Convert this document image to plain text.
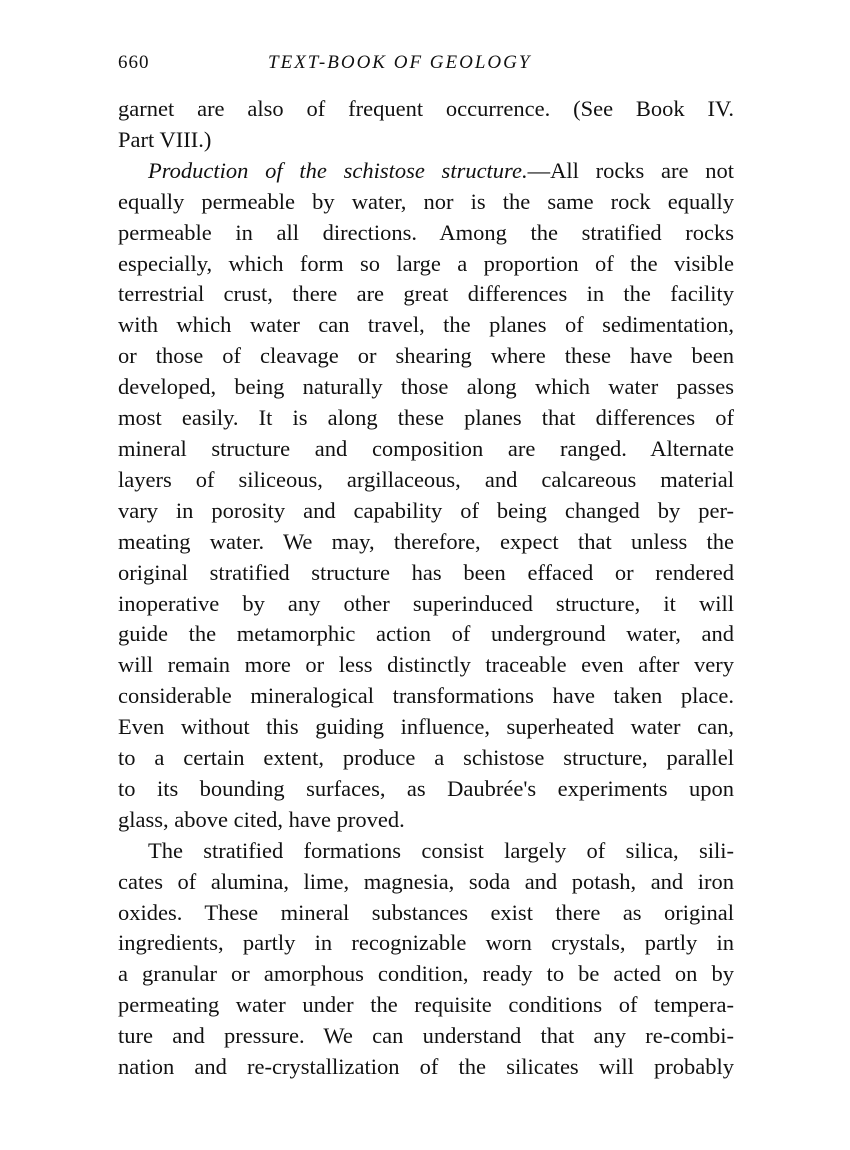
660	TEXT-BOOK OF GEOLOGY

garnet are also of frequent occurrence. (See Book IV.
Part VIII.)

Production of the schistose structure.—All rocks are not
equally permeable by water, nor is the same rock equally
permeable in all directions. Among the stratified rocks
especially, which form so large a proportion of the visible
terrestrial crust, there are great differences in the facility
with which water can travel, the planes of sedimentation,
or those of cleavage or shearing where these have been
developed, being naturally those along which water passes
most easily. It is along these planes that differences of
mineral structure and composition are ranged. Alternate
layers of siliceous, argillaceous, and calcareous material
vary in porosity and capability of being changed by per-
meating water. We may, therefore, expect that unless the
original stratified structure has been effaced or rendered
inoperative by any other superinduced structure, it will
guide the metamorphic action of underground water, and
will remain more or less distinctly traceable even after very
considerable mineralogical transformations have taken place.
Even without this guiding influence, superheated water can,
to a certain extent, produce a schistose structure, parallel
to its bounding surfaces, as Daubrée's experiments upon
glass, above cited, have proved.

The stratified formations consist largely of silica, sili-
cates of alumina, lime, magnesia, soda and potash, and iron
oxides. These mineral substances exist there as original
ingredients, partly in recognizable worn crystals, partly in
a granular or amorphous condition, ready to be acted on by
permeating water under the requisite conditions of tempera-
ture and pressure. We can understand that any re-combi-
nation and re-crystallization of the silicates will probably
